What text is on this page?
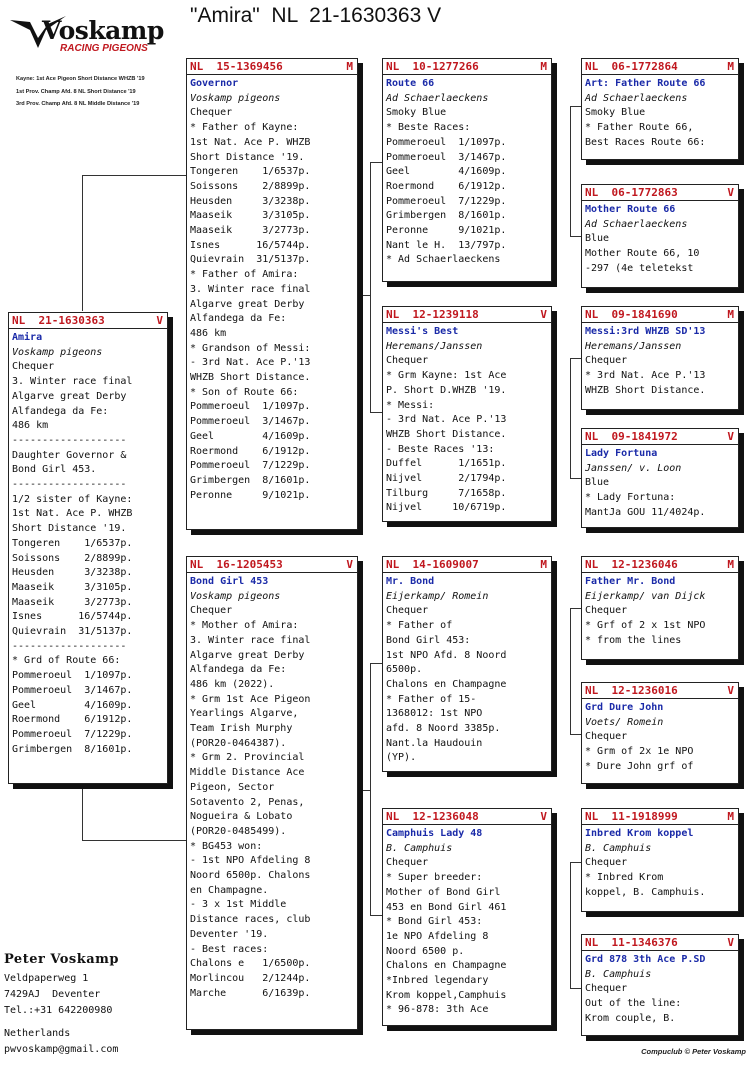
Voskamp
RACING PIGEONS
"Amira"  NL  21-1630363 V
Kayne: 1st Ace Pigeon Short Distance WHZB '19
1st Prov. Champ Afd. 8 NL Short Distance '19
3rd Prov. Champ Afd. 8 NL Middle Distance '19
NL  21-1630363	V
Amira
Voskamp pigeons
Chequer
3. Winter race final
Algarve great Derby
Alfandega da Fe:
486 km
-------------------
Daughter Governor &
Bond Girl 453.
-------------------
1/2 sister of Kayne:
1st Nat. Ace P. WHZB
Short Distance '19.
Tongeren    1/6537p.
Soissons    2/8899p.
Heusden     3/3238p.
Maaseik     3/3105p.
Maaseik     3/2773p.
Isnes      16/5744p.
Quievrain  31/5137p.
-------------------
* Grd of Route 66:
Pommeroeul  1/1097p.
Pommeroeul  3/1467p.
Geel        4/1609p.
Roermond    6/1912p.
Pommeroeul  7/1229p.
Grimbergen  8/1601p.
NL  15-1369456	M
Governor
Voskamp pigeons
Chequer
* Father of Kayne:
1st Nat. Ace P. WHZB
Short Distance '19.
Tongeren    1/6537p.
Soissons    2/8899p.
Heusden     3/3238p.
Maaseik     3/3105p.
Maaseik     3/2773p.
Isnes      16/5744p.
Quievrain  31/5137p.
* Father of Amira:
3. Winter race final
Algarve great Derby
Alfandega da Fe:
486 km
* Grandson of Messi:
- 3rd Nat. Ace P.'13
WHZB Short Distance.
* Son of Route 66:
Pommeroeul  1/1097p.
Pommeroeul  3/1467p.
Geel        4/1609p.
Roermond    6/1912p.
Pommeroeul  7/1229p.
Grimbergen  8/1601p.
Peronne     9/1021p.
NL  16-1205453	V
Bond Girl 453
Voskamp pigeons
Chequer
* Mother of Amira:
3. Winter race final
Algarve great Derby
Alfandega da Fe:
486 km (2022).
* Grm 1st Ace Pigeon
Yearlings Algarve,
Team Irish Murphy
(POR20-0464387).
* Grm 2. Provincial
Middle Distance Ace
Pigeon, Sector
Sotavento 2, Penas,
Nogueira & Lobato
(POR20-0485499).
* BG453 won:
- 1st NPO Afdeling 8
Noord 6500p. Chalons
en Champagne.
- 3 x 1st Middle
Distance races, club
Deventer '19.
- Best races:
Chalons e   1/6500p.
Morlincou   2/1244p.
Marche      6/1639p.
NL  10-1277266	M
Route 66
Ad Schaerlaeckens
Smoky Blue
* Beste Races:
Pommeroeul  1/1097p.
Pommeroeul  3/1467p.
Geel        4/1609p.
Roermond    6/1912p.
Pommeroeul  7/1229p.
Grimbergen  8/1601p.
Peronne     9/1021p.
Nant le H.  13/797p.
* Ad Schaerlaeckens
NL  12-1239118	V
Messi's Best
Heremans/Janssen
Chequer
* Grm Kayne: 1st Ace
P. Short D.WHZB '19.
* Messi:
- 3rd Nat. Ace P.'13
WHZB Short Distance.
- Beste Races '13:
Duffel      1/1651p.
Nijvel      2/1794p.
Tilburg     7/1658p.
Nijvel     10/6719p.
NL  14-1609007	M
Mr. Bond
Eijerkamp/ Romein
Chequer
* Father of
Bond Girl 453:
1st NPO Afd. 8 Noord
6500p.
Chalons en Champagne
* Father of 15-
1368012: 1st NPO
afd. 8 Noord 3385p.
Nant.la Haudouin
(YP).
NL  12-1236048	V
Camphuis Lady 48
B. Camphuis
Chequer
* Super breeder:
Mother of Bond Girl
453 en Bond Girl 461
* Bond Girl 453:
1e NPO Afdeling 8
Noord 6500 p.
Chalons en Champagne
*Inbred legendary
Krom koppel,Camphuis
* 96-878: 3th Ace
NL  06-1772864	M
Art: Father Route 66
Ad Schaerlaeckens
Smoky Blue
* Father Route 66,
Best Races Route 66:
NL  06-1772863	V
Mother Route 66
Ad Schaerlaeckens
Blue
Mother Route 66, 10
-297 (4e teletekst
NL  09-1841690	M
Messi:3rd WHZB SD'13
Heremans/Janssen
Chequer
* 3rd Nat. Ace P.'13
WHZB Short Distance.
NL  09-1841972	V
Lady Fortuna
Janssen/ v. Loon
Blue
* Lady Fortuna:
MantJa GOU 11/4024p.
NL  12-1236046	M
Father Mr. Bond
Eijerkamp/ van Dijck
Chequer
* Grf of 2 x 1st NPO
* from the lines
NL  12-1236016	V
Grd Dure John
Voets/ Romein
Chequer
* Grm of 2x 1e NPO
* Dure John grf of
NL  11-1918999	M
Inbred Krom koppel
B. Camphuis
Chequer
* Inbred Krom
koppel, B. Camphuis.
NL  11-1346376	V
Grd 878 3th Ace P.SD
B. Camphuis
Chequer
Out of the line:
Krom couple, B.
Peter Voskamp
Veldpaperweg 1
7429AJ  Deventer
Tel.:+31 642200980
Netherlands
pwvoskamp@gmail.com	Compuclub © Peter Voskamp
